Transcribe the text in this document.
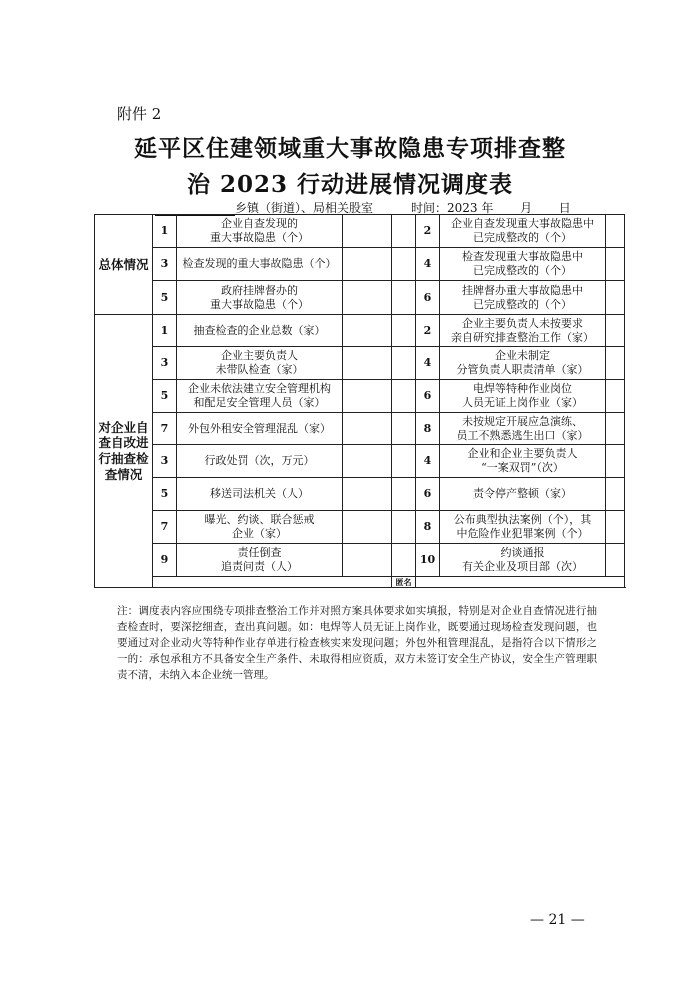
附件 2
延平区住建领域重大事故隐患专项排查整
治 2023 行动进展情况调度表
乡镇（街道）、局相关股室	时间：2023 年 月 日
总体情况	1	企业自查发现的
重大事故隐患（个）			2	企业自查发现重大事故隐患中
已完成整改的（个）	
	3	检查发现的重大事故隐患（个）			4	检查发现重大事故隐患中
已完成整改的（个）	
	5	政府挂牌督办的
重大事故隐患（个）			6	挂牌督办重大事故隐患中
已完成整改的（个）	
对企业自查自改进行抽查检查情况	1	抽查检查的企业总数（家）			2	企业主要负责人未按要求
亲自研究排查整治工作（家）	
	3	企业主要负责人
未带队检查（家）			4	企业未制定
分管负责人职责清单（家）	
	5	企业未依法建立安全管理机构
和配足安全管理人员（家）			6	电焊等特种作业岗位
人员无证上岗作业（家）	
	7	外包外租安全管理混乱（家）			8	未按规定开展应急演练、
员工不熟悉逃生出口（家）	
	3	行政处罚（次，万元）			4	企业和企业主要负责人
“一案双罚”（次）	
	5	移送司法机关（人）			6	责令停产整顿（家）	
	7	曝光、约谈、联合惩戒
企业（家）			8	公布典型执法案例（个），其
中危险作业犯罪案例（个）	
	9	责任倒查
追责问责（人）			10	约谈通报
有关企业及项目部（次）	
				匿名			
注：调度表内容应围绕专项排查整治工作并对照方案具体要求如实填报，特别是对企业自查情况进行抽查检查时，要深挖细查，查出真问题。如：电焊等人员无证上岗作业，既要通过现场检查发现问题，也要通过对企业动火等特种作业存单进行检查核实来发现问题；外包外租管理混乱，是指符合以下情形之一的：承包承租方不具备安全生产条件、未取得相应资质，双方未签订安全生产协议，安全生产管理职责不清，未纳入本企业统一管理。
— 21 —
